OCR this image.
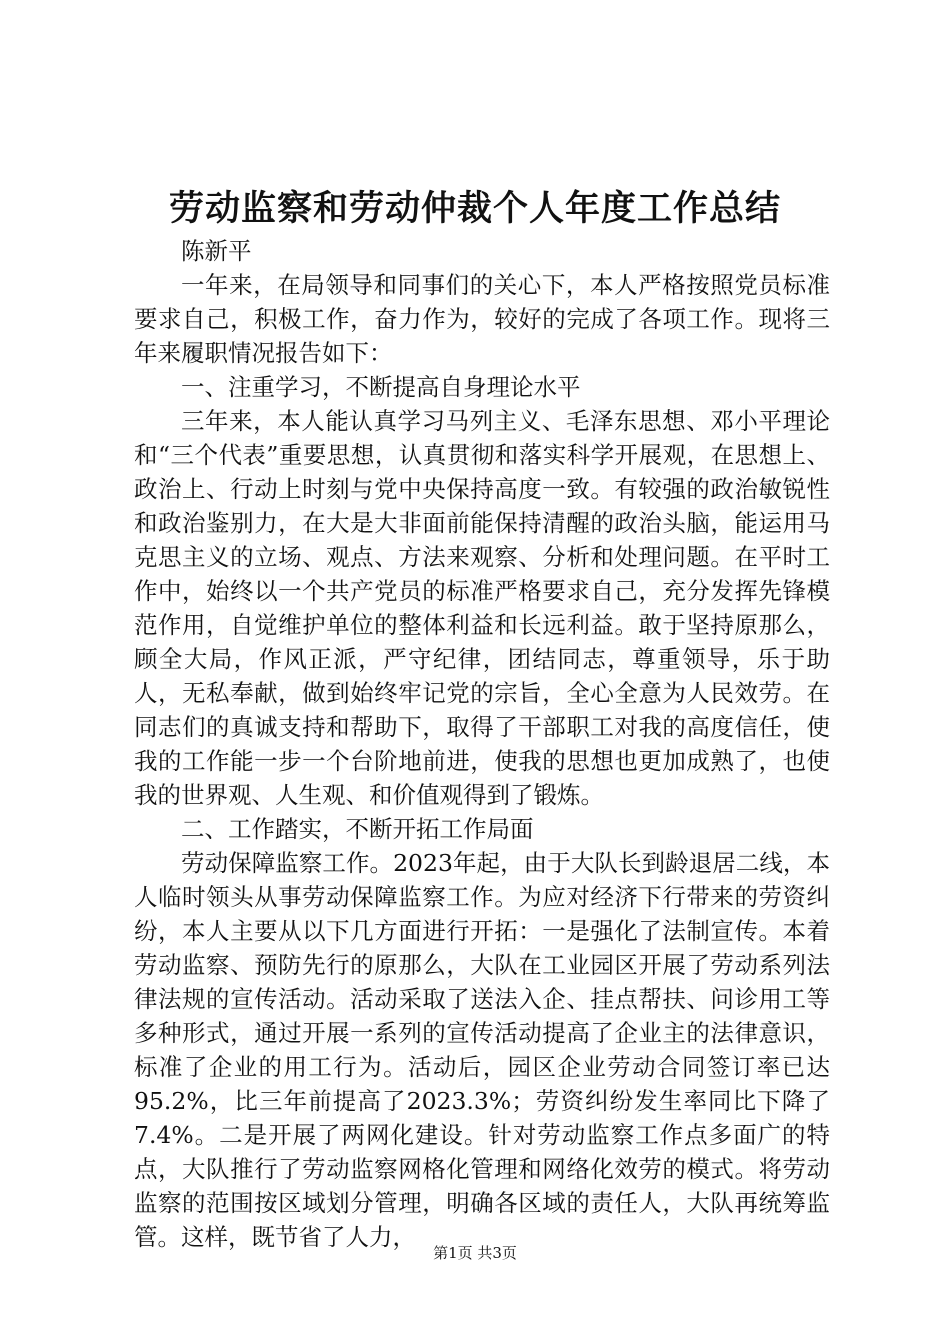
劳动监察和劳动仲裁个人年度工作总结

陈新平

一年来，在局领导和同事们的关心下，本人严格按照党员标准要求自己，积极工作，奋力作为，较好的完成了各项工作。现将三年来履职情况报告如下：

一、注重学习，不断提高自身理论水平

三年来，本人能认真学习马列主义、毛泽东思想、邓小平理论和“三个代表”重要思想，认真贯彻和落实科学开展观，在思想上、政治上、行动上时刻与党中央保持高度一致。有较强的政治敏锐性和政治鉴别力，在大是大非面前能保持清醒的政治头脑，能运用马克思主义的立场、观点、方法来观察、分析和处理问题。在平时工作中，始终以一个共产党员的标准严格要求自己，充分发挥先锋模范作用，自觉维护单位的整体利益和长远利益。敢于坚持原那么，顾全大局，作风正派，严守纪律，团结同志，尊重领导，乐于助人，无私奉献，做到始终牢记党的宗旨，全心全意为人民效劳。在同志们的真诚支持和帮助下，取得了干部职工对我的高度信任，使我的工作能一步一个台阶地前进，使我的思想也更加成熟了，也使我的世界观、人生观、和价值观得到了锻炼。

二、工作踏实，不断开拓工作局面

劳动保障监察工作。2023年起，由于大队长到龄退居二线，本人临时领头从事劳动保障监察工作。为应对经济下行带来的劳资纠纷，本人主要从以下几方面进行开拓：一是强化了法制宣传。本着劳动监察、预防先行的原那么，大队在工业园区开展了劳动系列法律法规的宣传活动。活动采取了送法入企、挂点帮扶、问诊用工等多种形式，通过开展一系列的宣传活动提高了企业主的法律意识，标准了企业的用工行为。活动后，园区企业劳动合同签订率已达95.2%，比三年前提高了2023.3%；劳资纠纷发生率同比下降了7.4%。二是开展了两网化建设。针对劳动监察工作点多面广的特点，大队推行了劳动监察网格化管理和网络化效劳的模式。将劳动监察的范围按区域划分管理，明确各区域的责任人，大队再统筹监管。这样，既节省了人力，

第1页 共3页
